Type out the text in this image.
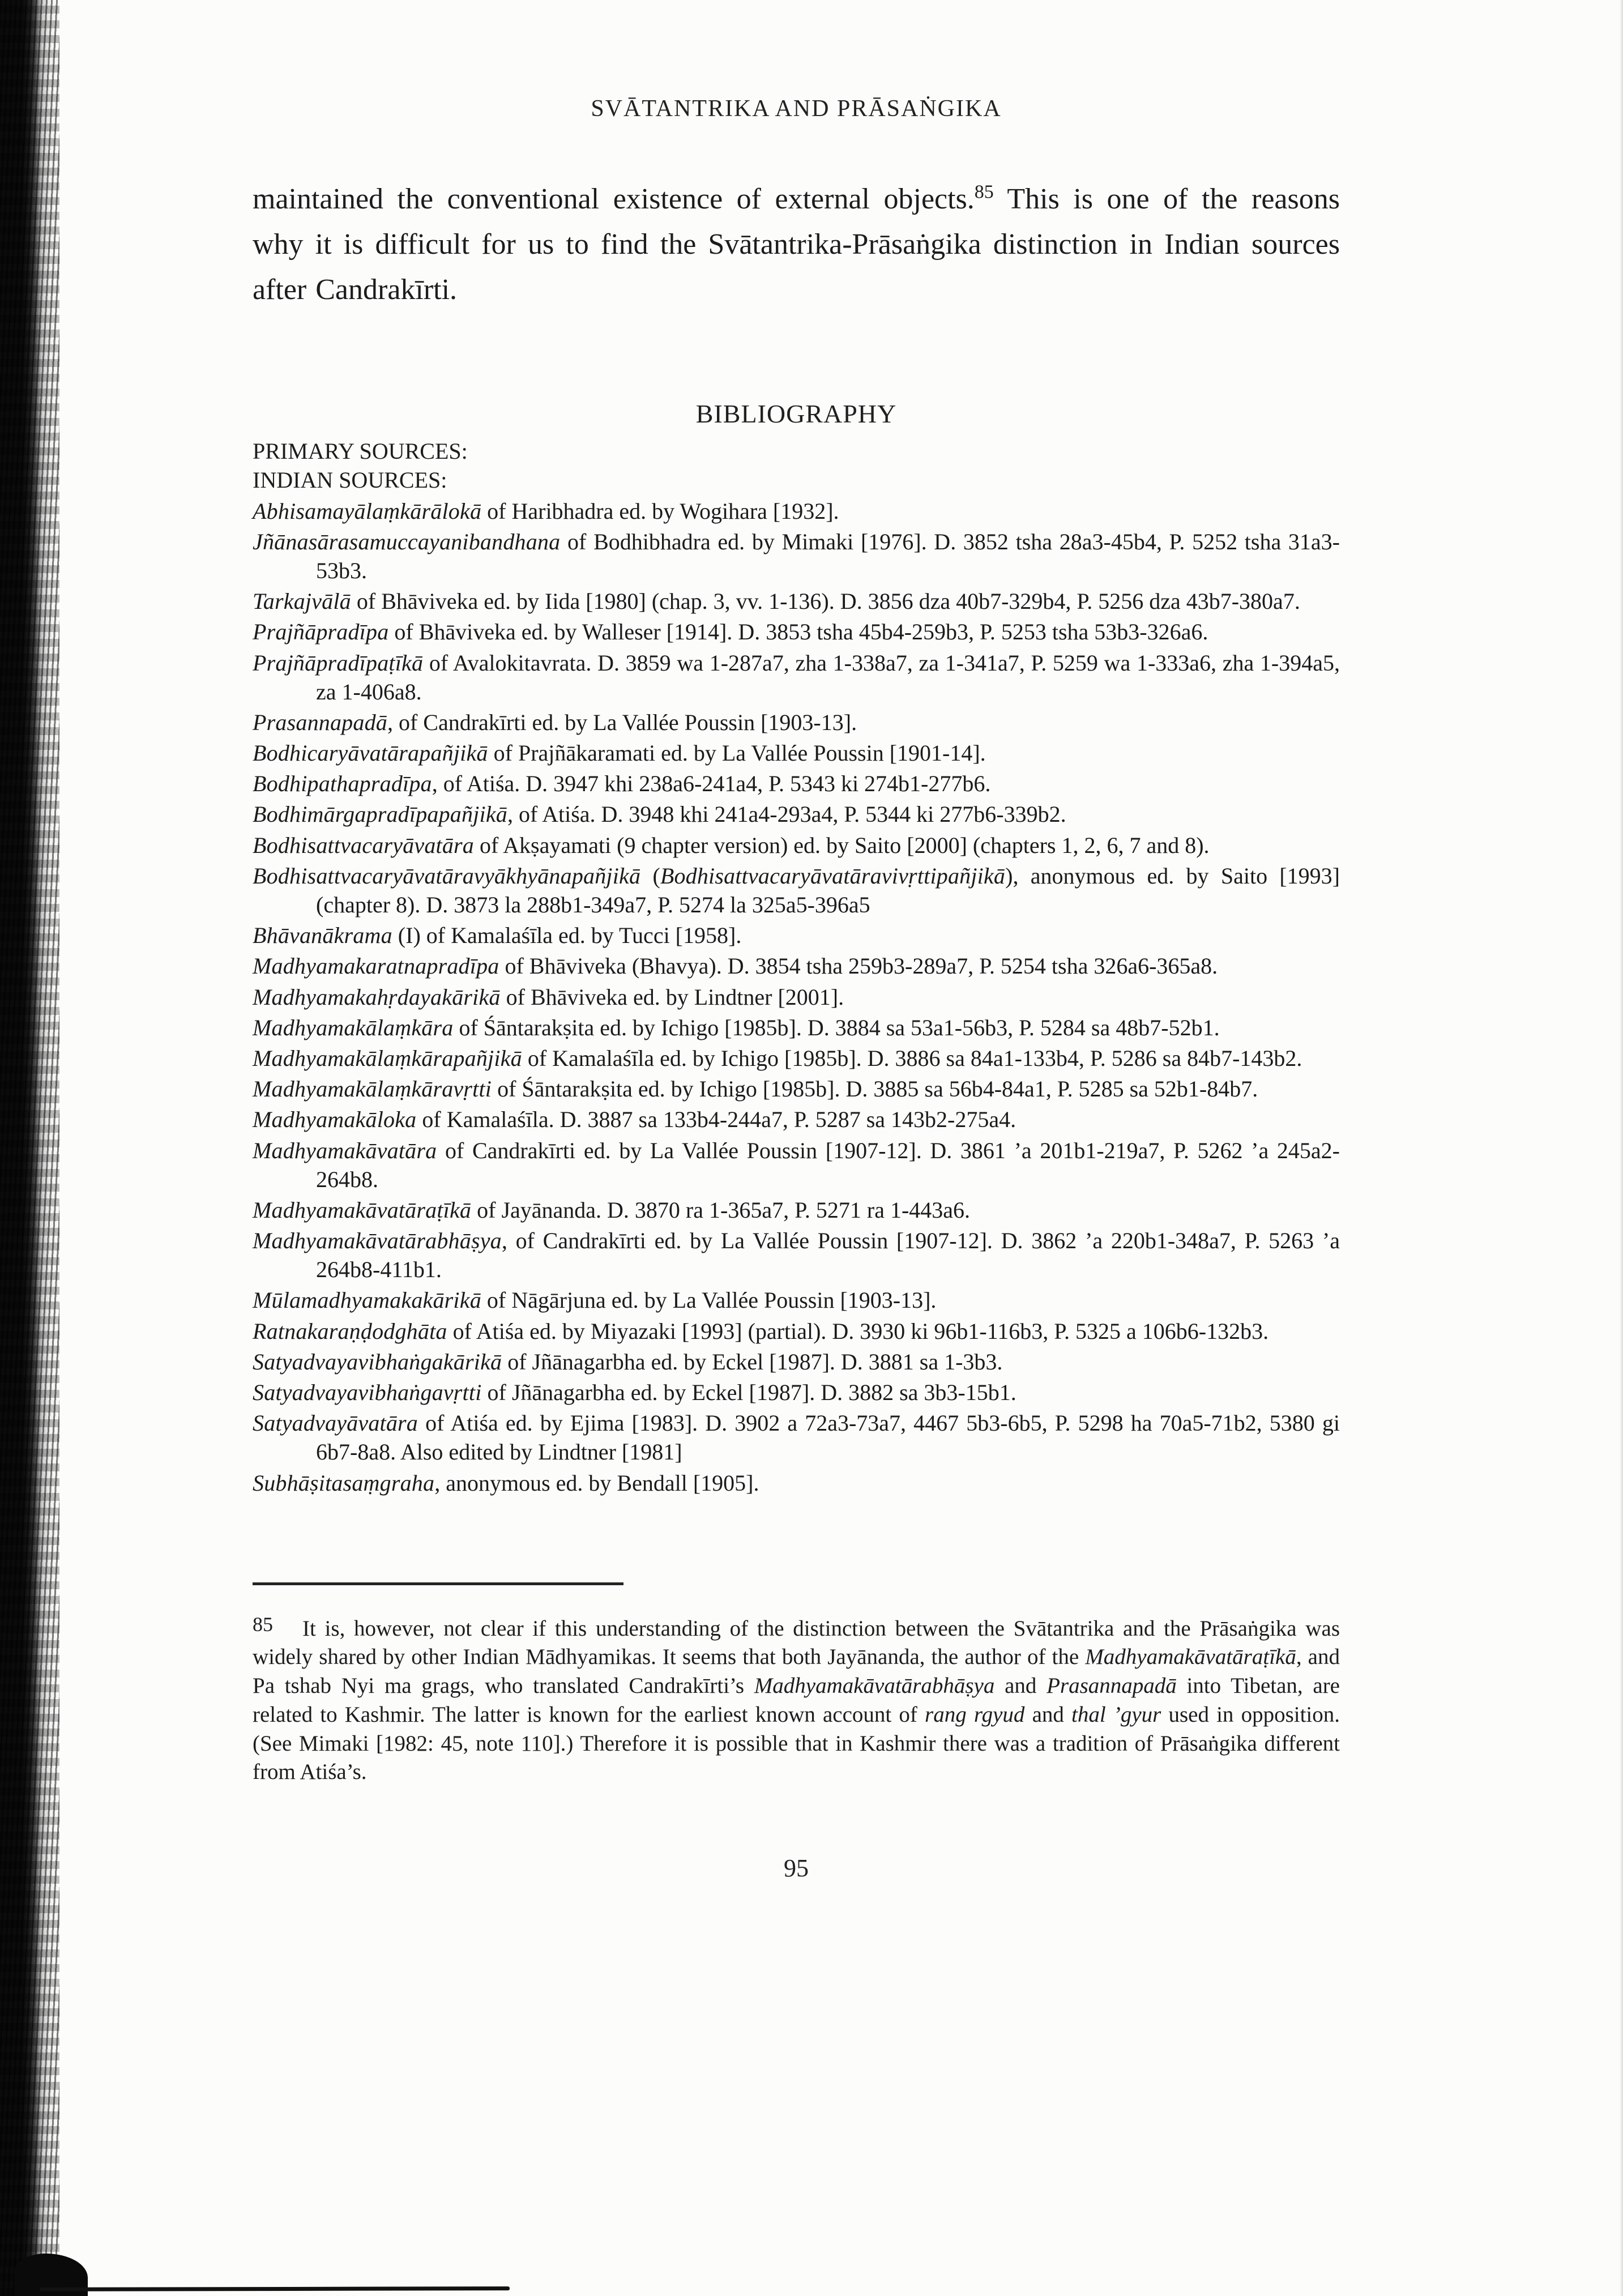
SVĀTANTRIKA AND PRĀSAṄGIKA

maintained the conventional existence of external objects.$^{85}$ This is one of the reasons why it is difficult for us to find the Svātantrika-Prāsaṅgika distinction in Indian sources after Candrakīrti.

BIBLIOGRAPHY
PRIMARY SOURCES:
INDIAN SOURCES:

Abhisamayālaṃkārālokā of Haribhadra ed. by Wogihara [1932].

Jñānasārasamuccayanibandhana of Bodhibhadra ed. by Mimaki [1976]. D. 3852 tsha 28a3-45b4, P. 5252 tsha 31a3-53b3.

Tarkajvālā of Bhāviveka ed. by Iida [1980] (chap. 3, vv. 1-136). D. 3856 dza 40b7-329b4, P. 5256 dza 43b7-380a7.

Prajñāpradīpa of Bhāviveka ed. by Walleser [1914]. D. 3853 tsha 45b4-259b3, P. 5253 tsha 53b3-326a6.

Prajñāpradīpaṭīkā of Avalokitavrata. D. 3859 wa 1-287a7, zha 1-338a7, za 1-341a7, P. 5259 wa 1-333a6, zha 1-394a5, za 1-406a8.

Prasannapadā, of Candrakīrti ed. by La Vallée Poussin [1903-13].

Bodhicaryāvatārapañjikā of Prajñākaramati ed. by La Vallée Poussin [1901-14].

Bodhipathapradīpa, of Atiśa. D. 3947 khi 238a6-241a4, P. 5343 ki 274b1-277b6.

Bodhimārgapradīpapañjikā, of Atiśa. D. 3948 khi 241a4-293a4, P. 5344 ki 277b6-339b2.

Bodhisattvacaryāvatāra of Akṣayamati (9 chapter version) ed. by Saito [2000] (chapters 1, 2, 6, 7 and 8).

Bodhisattvacaryāvatāravyākhyānapañjikā (Bodhisattvacaryāvatāravivṛttipañjikā), anonymous ed. by Saito [1993] (chapter 8). D. 3873 la 288b1-349a7, P. 5274 la 325a5-396a5

Bhāvanākrama (I) of Kamalaśīla ed. by Tucci [1958].

Madhyamakaratnapradīpa of Bhāviveka (Bhavya). D. 3854 tsha 259b3-289a7, P. 5254 tsha 326a6-365a8.

Madhyamakahṛdayakārikā of Bhāviveka ed. by Lindtner [2001].

Madhyamakālaṃkāra of Śāntarakṣita ed. by Ichigo [1985b]. D. 3884 sa 53a1-56b3, P. 5284 sa 48b7-52b1.

Madhyamakālaṃkārapañjikā of Kamalaśīla ed. by Ichigo [1985b]. D. 3886 sa 84a1-133b4, P. 5286 sa 84b7-143b2.

Madhyamakālaṃkāravṛtti of Śāntarakṣita ed. by Ichigo [1985b]. D. 3885 sa 56b4-84a1, P. 5285 sa 52b1-84b7.

Madhyamakāloka of Kamalaśīla. D. 3887 sa 133b4-244a7, P. 5287 sa 143b2-275a4.

Madhyamakāvatāra of Candrakīrti ed. by La Vallée Poussin [1907-12]. D. 3861 ’a 201b1-219a7, P. 5262 ’a 245a2-264b8.

Madhyamakāvatāraṭīkā of Jayānanda. D. 3870 ra 1-365a7, P. 5271 ra 1-443a6.

Madhyamakāvatārabhāṣya, of Candrakīrti ed. by La Vallée Poussin [1907-12]. D. 3862 ’a 220b1-348a7, P. 5263 ’a 264b8-411b1.

Mūlamadhyamakakārikā of Nāgārjuna ed. by La Vallée Poussin [1903-13].

Ratnakaraṇḍodghāta of Atiśa ed. by Miyazaki [1993] (partial). D. 3930 ki 96b1-116b3, P. 5325 a 106b6-132b3.

Satyadvayavibhaṅgakārikā of Jñānagarbha ed. by Eckel [1987]. D. 3881 sa 1-3b3.

Satyadvayavibhaṅgavṛtti of Jñānagarbha ed. by Eckel [1987]. D. 3882 sa 3b3-15b1.

Satyadvayāvatāra of Atiśa ed. by Ejima [1983]. D. 3902 a 72a3-73a7, 4467 5b3-6b5, P. 5298 ha 70a5-71b2, 5380 gi 6b7-8a8. Also edited by Lindtner [1981]

Subhāṣitasaṃgraha, anonymous ed. by Bendall [1905].

85 It is, however, not clear if this understanding of the distinction between the Svātantrika and the Prāsaṅgika was widely shared by other Indian Mādhyamikas. It seems that both Jayānanda, the author of the Madhyamakāvatāraṭīkā, and Pa tshab Nyi ma grags, who translated Candrakīrti’s Madhyamakāvatārabhāṣya and Prasannapadā into Tibetan, are related to Kashmir. The latter is known for the earliest known account of rang rgyud and thal ’gyur used in opposition. (See Mimaki [1982: 45, note 110].) Therefore it is possible that in Kashmir there was a tradition of Prāsaṅgika different from Atiśa’s.

95
